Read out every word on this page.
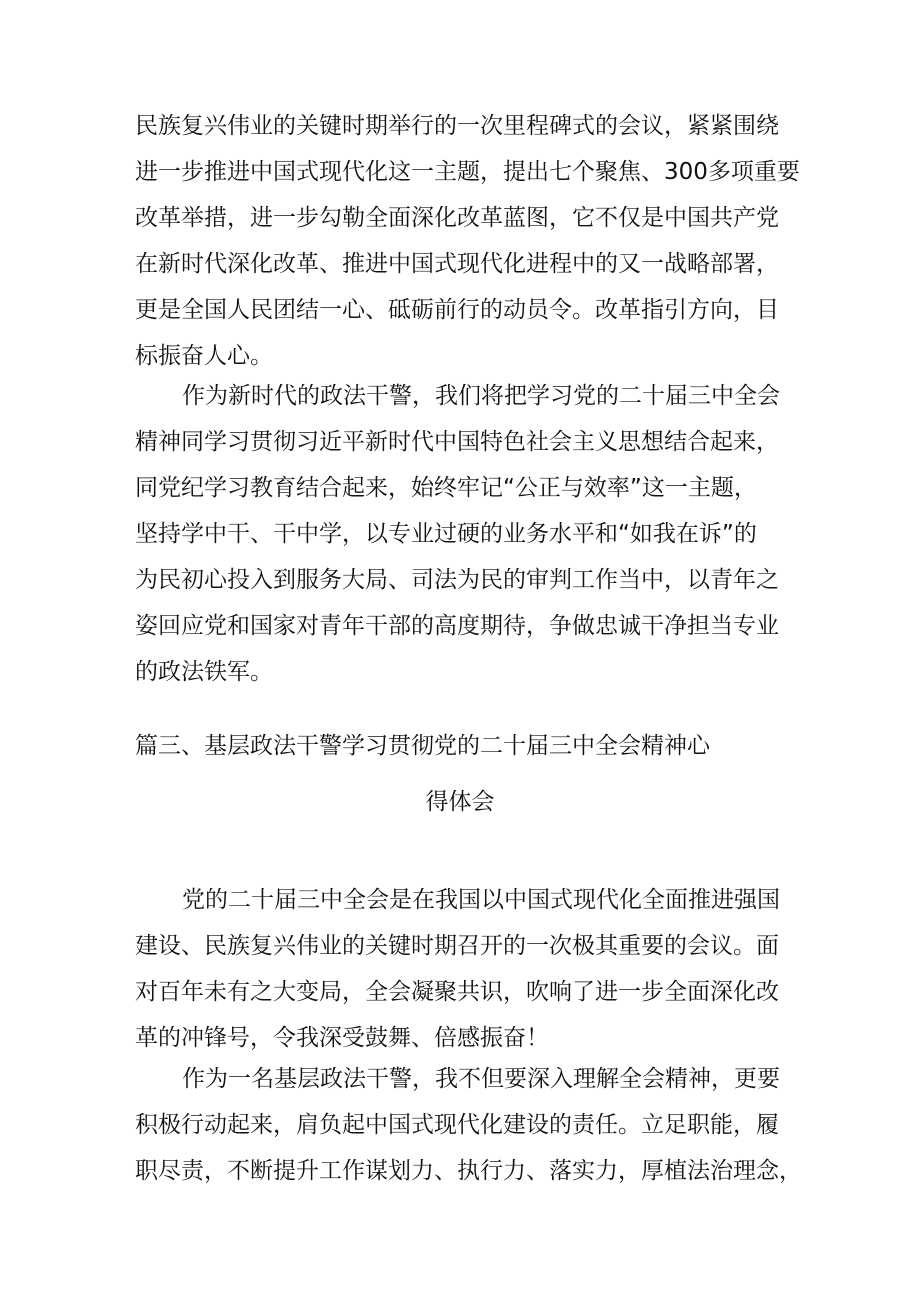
民族复兴伟业的关键时期举行的一次里程碑式的会议，紧紧围绕
进一步推进中国式现代化这一主题，提出七个聚焦、300多项重要
改革举措，进一步勾勒全面深化改革蓝图，它不仅是中国共产党
在新时代深化改革、推进中国式现代化进程中的又一战略部署，
更是全国人民团结一心、砥砺前行的动员令。改革指引方向，目
标振奋人心。
作为新时代的政法干警，我们将把学习党的二十届三中全会
精神同学习贯彻习近平新时代中国特色社会主义思想结合起来，
同党纪学习教育结合起来，始终牢记“公正与效率”这一主题，
坚持学中干、干中学，以专业过硬的业务水平和“如我在诉”的
为民初心投入到服务大局、司法为民的审判工作当中，以青年之
姿回应党和国家对青年干部的高度期待，争做忠诚干净担当专业
的政法铁军。
篇三、基层政法干警学习贯彻党的二十届三中全会精神心
得体会
党的二十届三中全会是在我国以中国式现代化全面推进强国
建设、民族复兴伟业的关键时期召开的一次极其重要的会议。面
对百年未有之大变局，全会凝聚共识，吹响了进一步全面深化改
革的冲锋号，令我深受鼓舞、倍感振奋！
作为一名基层政法干警，我不但要深入理解全会精神，更要
积极行动起来，肩负起中国式现代化建设的责任。立足职能，履
职尽责，不断提升工作谋划力、执行力、落实力，厚植法治理念，
